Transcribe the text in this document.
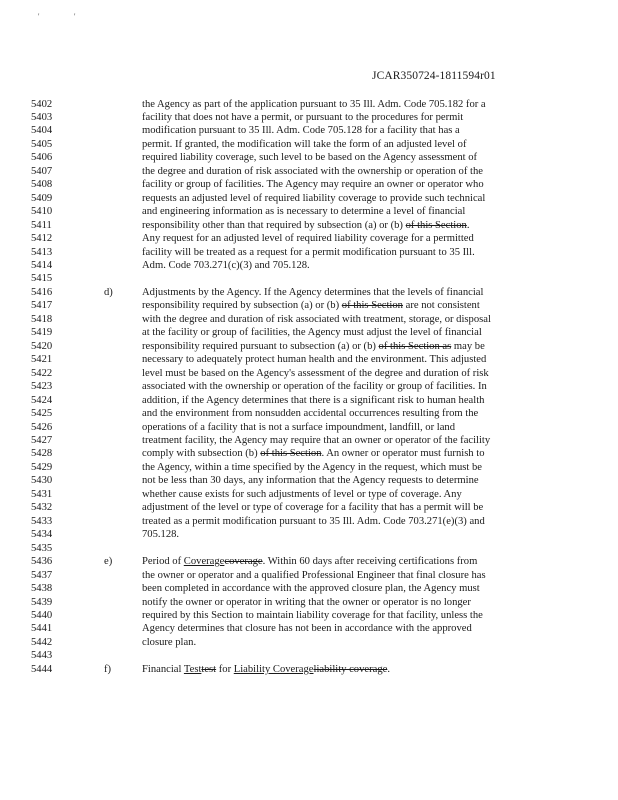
'	'
JCAR350724-1811594r01
5402	the Agency as part of the application pursuant to 35 Ill. Adm. Code 705.182 for a
5403	facility that does not have a permit, or pursuant to the procedures for permit
5404	modification pursuant to 35 Ill. Adm. Code 705.128 for a facility that has a
5405	permit. If granted, the modification will take the form of an adjusted level of
5406	required liability coverage, such level to be based on the Agency assessment of
5407	the degree and duration of risk associated with the ownership or operation of the
5408	facility or group of facilities. The Agency may require an owner or operator who
5409	requests an adjusted level of required liability coverage to provide such technical
5410	and engineering information as is necessary to determine a level of financial
5411	responsibility other than that required by subsection (a) or (b) of this Section.
5412	Any request for an adjusted level of required liability coverage for a permitted
5413	facility will be treated as a request for a permit modification pursuant to 35 Ill.
5414	Adm. Code 703.271(c)(3) and 705.128.
5415
5416	d)	Adjustments by the Agency. If the Agency determines that the levels of financial
5417	responsibility required by subsection (a) or (b) of this Section are not consistent
5418	with the degree and duration of risk associated with treatment, storage, or disposal
5419	at the facility or group of facilities, the Agency must adjust the level of financial
5420	responsibility required pursuant to subsection (a) or (b) of this Section as may be
5421	necessary to adequately protect human health and the environment. This adjusted
5422	level must be based on the Agency's assessment of the degree and duration of risk
5423	associated with the ownership or operation of the facility or group of facilities. In
5424	addition, if the Agency determines that there is a significant risk to human health
5425	and the environment from nonsudden accidental occurrences resulting from the
5426	operations of a facility that is not a surface impoundment, landfill, or land
5427	treatment facility, the Agency may require that an owner or operator of the facility
5428	comply with subsection (b) of this Section. An owner or operator must furnish to
5429	the Agency, within a time specified by the Agency in the request, which must be
5430	not be less than 30 days, any information that the Agency requests to determine
5431	whether cause exists for such adjustments of level or type of coverage. Any
5432	adjustment of the level or type of coverage for a facility that has a permit will be
5433	treated as a permit modification pursuant to 35 Ill. Adm. Code 703.271(e)(3) and
5434	705.128.
5435
5436	e)	Period of Coveragecoverage. Within 60 days after receiving certifications from
5437	the owner or operator and a qualified Professional Engineer that final closure has
5438	been completed in accordance with the approved closure plan, the Agency must
5439	notify the owner or operator in writing that the owner or operator is no longer
5440	required by this Section to maintain liability coverage for that facility, unless the
5441	Agency determines that closure has not been in accordance with the approved
5442	closure plan.
5443
5444	f)	Financial Testtest for Liability Coverageliability coverage.
